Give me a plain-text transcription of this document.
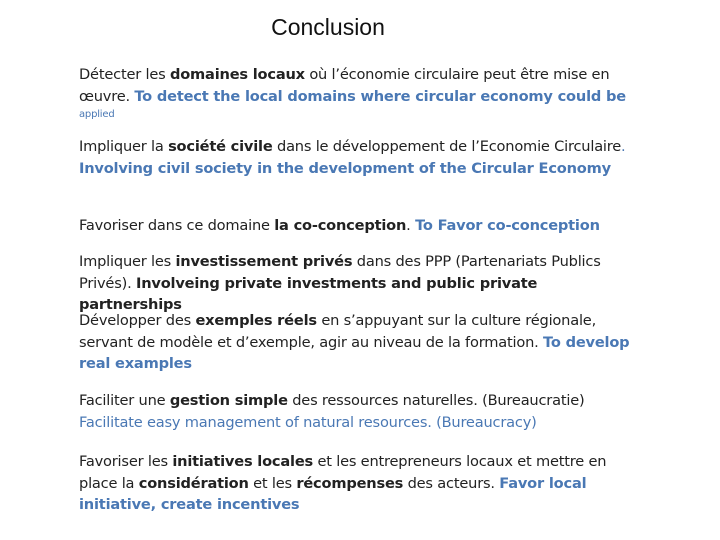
Conclusion
Détecter les domaines locaux où l’économie circulaire peut être mise en œuvre. To detect the local domains where circular economy could be
applied
Impliquer la société civile dans le développement de l’Economie Circulaire. Involving civil society in the development of the Circular Economy
Favoriser dans ce domaine la co-conception. To Favor co-conception
Impliquer les investissement privés dans des PPP (Partenariats Publics Privés). Involveing private investments and public private partnerships
Développer des exemples réels en s’appuyant sur la culture régionale, servant de modèle et d’exemple, agir au niveau de la formation. To develop real examples
Faciliter une gestion simple des ressources naturelles. (Bureaucratie) Facilitate easy management of natural resources. (Bureaucracy)
Favoriser les initiatives locales et les entrepreneurs locaux et mettre en place la considération et les récompenses des acteurs. Favor local initiative, create incentives
